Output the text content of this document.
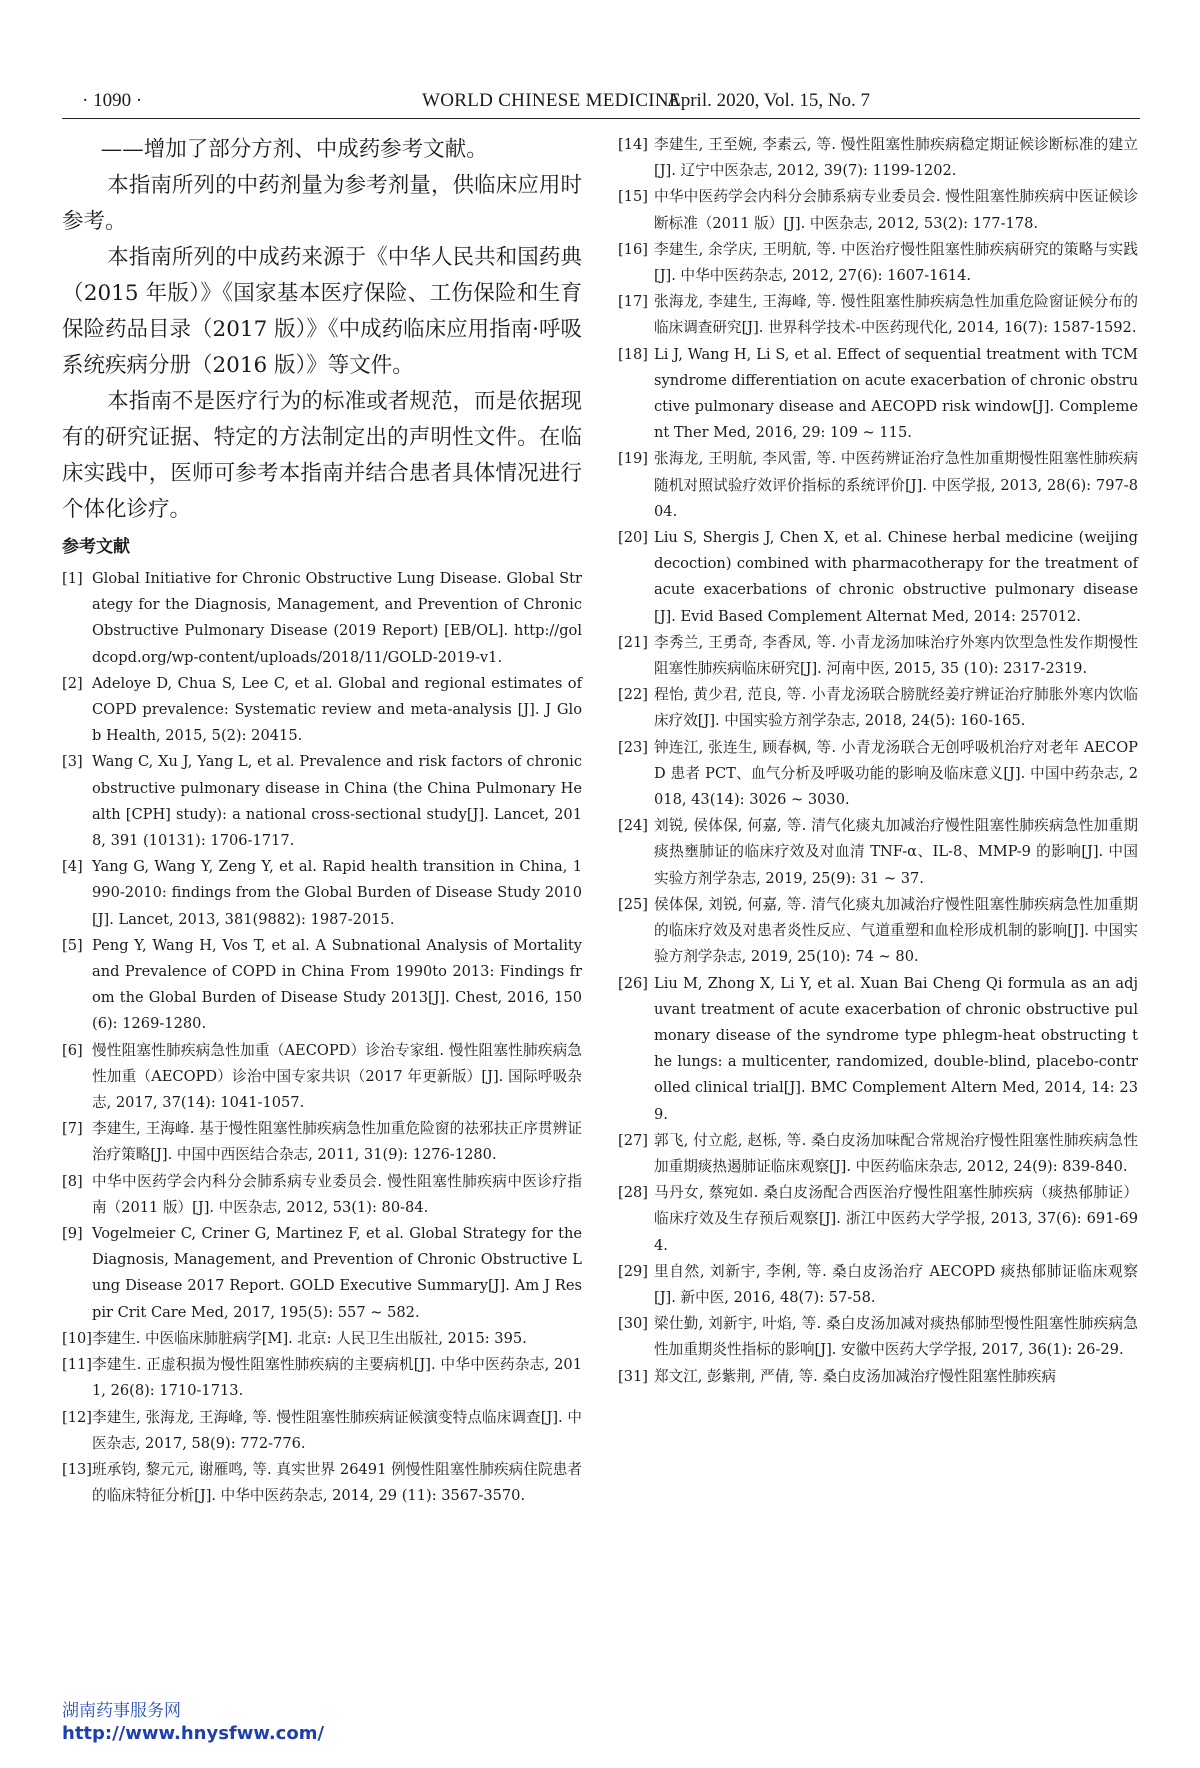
· 1090 ·	WORLD CHINESE MEDICINE
April. 2020, Vol. 15, No. 7

——增加了部分方剂、中成药参考文献。

本指南所列的中药剂量为参考剂量，供临床应用时参考。

本指南所列的中成药来源于《中华人民共和国药典（2015 年版）》《国家基本医疗保险、工伤保险和生育保险药品目录（2017 版）》《中成药临床应用指南·呼吸系统疾病分册（2016 版）》等文件。

本指南不是医疗行为的标准或者规范，而是依据现有的研究证据、特定的方法制定出的声明性文件。在临床实践中，医师可参考本指南并结合患者具体情况进行个体化诊疗。

参考文献

[1] Global Initiative for Chronic Obstructive Lung Disease. Global Strategy for the Diagnosis, Management, and Prevention of Chronic Obstructive Pulmonary Disease (2019 Report) [EB/OL]. http://goldcopd.org/wp-content/uploads/2018/11/GOLD-2019-v1.

[2] Adeloye D, Chua S, Lee C, et al. Global and regional estimates of COPD prevalence: Systematic review and meta-analysis [J]. J Glob Health, 2015, 5(2): 20415.

[3] Wang C, Xu J, Yang L, et al. Prevalence and risk factors of chronic obstructive pulmonary disease in China (the China Pulmonary Health [CPH] study): a national cross-sectional study[J]. Lancet, 2018, 391 (10131): 1706-1717.

[4] Yang G, Wang Y, Zeng Y, et al. Rapid health transition in China, 1990-2010: findings from the Global Burden of Disease Study 2010 [J]. Lancet, 2013, 381(9882): 1987-2015.

[5] Peng Y, Wang H, Vos T, et al. A Subnational Analysis of Mortality and Prevalence of COPD in China From 1990to 2013: Findings from the Global Burden of Disease Study 2013[J]. Chest, 2016, 150(6): 1269-1280.

[6] 慢性阻塞性肺疾病急性加重（AECOPD）诊治专家组. 慢性阻塞性肺疾病急性加重（AECOPD）诊治中国专家共识（2017 年更新版）[J]. 国际呼吸杂志, 2017, 37(14): 1041-1057.

[7] 李建生, 王海峰. 基于慢性阻塞性肺疾病急性加重危险窗的祛邪扶正序贯辨证治疗策略[J]. 中国中西医结合杂志, 2011, 31(9): 1276-1280.

[8] 中华中医药学会内科分会肺系病专业委员会. 慢性阻塞性肺疾病中医诊疗指南（2011 版）[J]. 中医杂志, 2012, 53(1): 80-84.

[9] Vogelmeier C, Criner G, Martinez F, et al. Global Strategy for the Diagnosis, Management, and Prevention of Chronic Obstructive Lung Disease 2017 Report. GOLD Executive Summary[J]. Am J Respir Crit Care Med, 2017, 195(5): 557 ~ 582.

[10] 李建生. 中医临床肺脏病学[M]. 北京: 人民卫生出版社, 2015: 395.

[11] 李建生. 正虚积损为慢性阻塞性肺疾病的主要病机[J]. 中华中医药杂志, 2011, 26(8): 1710-1713.

[12] 李建生, 张海龙, 王海峰, 等. 慢性阻塞性肺疾病证候演变特点临床调查[J]. 中医杂志, 2017, 58(9): 772-776.

[13] 班承钧, 黎元元, 谢雁鸣, 等. 真实世界 26491 例慢性阻塞性肺疾病住院患者的临床特征分析[J]. 中华中医药杂志, 2014, 29 (11): 3567-3570.

[14] 李建生, 王至婉, 李素云, 等. 慢性阻塞性肺疾病稳定期证候诊断标准的建立[J]. 辽宁中医杂志, 2012, 39(7): 1199-1202.

[15] 中华中医药学会内科分会肺系病专业委员会. 慢性阻塞性肺疾病中医证候诊断标准（2011 版）[J]. 中医杂志, 2012, 53(2): 177-178.

[16] 李建生, 余学庆, 王明航, 等. 中医治疗慢性阻塞性肺疾病研究的策略与实践[J]. 中华中医药杂志, 2012, 27(6): 1607-1614.

[17] 张海龙, 李建生, 王海峰, 等. 慢性阻塞性肺疾病急性加重危险窗证候分布的临床调查研究[J]. 世界科学技术-中医药现代化, 2014, 16(7): 1587-1592.

[18] Li J, Wang H, Li S, et al. Effect of sequential treatment with TCM syndrome differentiation on acute exacerbation of chronic obstructive pulmonary disease and AECOPD risk window[J]. Complement Ther Med, 2016, 29: 109 ~ 115.

[19] 张海龙, 王明航, 李风雷, 等. 中医药辨证治疗急性加重期慢性阻塞性肺疾病随机对照试验疗效评价指标的系统评价[J]. 中医学报, 2013, 28(6): 797-804.

[20] Liu S, Shergis J, Chen X, et al. Chinese herbal medicine (weijing decoction) combined with pharmacotherapy for the treatment of acute exacerbations of chronic obstructive pulmonary disease [J]. Evid Based Complement Alternat Med, 2014: 257012.

[21] 李秀兰, 王勇奇, 李香凤, 等. 小青龙汤加味治疗外寒内饮型急性发作期慢性阻塞性肺疾病临床研究[J]. 河南中医, 2015, 35 (10): 2317-2319.

[22] 程怡, 黄少君, 范良, 等. 小青龙汤联合膀胱经姜疗辨证治疗肺胀外寒内饮临床疗效[J]. 中国实验方剂学杂志, 2018, 24(5): 160-165.

[23] 钟连江, 张连生, 顾春枫, 等. 小青龙汤联合无创呼吸机治疗对老年 AECOPD 患者 PCT、血气分析及呼吸功能的影响及临床意义[J]. 中国中药杂志, 2018, 43(14): 3026 ~ 3030.

[24] 刘锐, 侯体保, 何嘉, 等. 清气化痰丸加减治疗慢性阻塞性肺疾病急性加重期痰热壅肺证的临床疗效及对血清 TNF-α、IL-8、MMP-9 的影响[J]. 中国实验方剂学杂志, 2019, 25(9): 31 ~ 37.

[25] 侯体保, 刘锐, 何嘉, 等. 清气化痰丸加减治疗慢性阻塞性肺疾病急性加重期的临床疗效及对患者炎性反应、气道重塑和血栓形成机制的影响[J]. 中国实验方剂学杂志, 2019, 25(10): 74 ~ 80.

[26] Liu M, Zhong X, Li Y, et al. Xuan Bai Cheng Qi formula as an adjuvant treatment of acute exacerbation of chronic obstructive pulmonary disease of the syndrome type phlegm-heat obstructing the lungs: a multicenter, randomized, double-blind, placebo-controlled clinical trial[J]. BMC Complement Altern Med, 2014, 14: 239.

[27] 郭飞, 付立彪, 赵栎, 等. 桑白皮汤加味配合常规治疗慢性阻塞性肺疾病急性加重期痰热遏肺证临床观察[J]. 中医药临床杂志, 2012, 24(9): 839-840.

[28] 马丹女, 蔡宛如. 桑白皮汤配合西医治疗慢性阻塞性肺疾病（痰热郁肺证）临床疗效及生存预后观察[J]. 浙江中医药大学学报, 2013, 37(6): 691-694.

[29] 里自然, 刘新宇, 李俐, 等. 桑白皮汤治疗 AECOPD 痰热郁肺证临床观察[J]. 新中医, 2016, 48(7): 57-58.

[30] 梁仕勤, 刘新宇, 叶焰, 等. 桑白皮汤加减对痰热郁肺型慢性阻塞性肺疾病急性加重期炎性指标的影响[J]. 安徽中医药大学学报, 2017, 36(1): 26-29.

[31] 郑文江, 彭紫荆, 严倩, 等. 桑白皮汤加减治疗慢性阻塞性肺疾病

湖南药事服务网
http://www.hnysfww.com/
